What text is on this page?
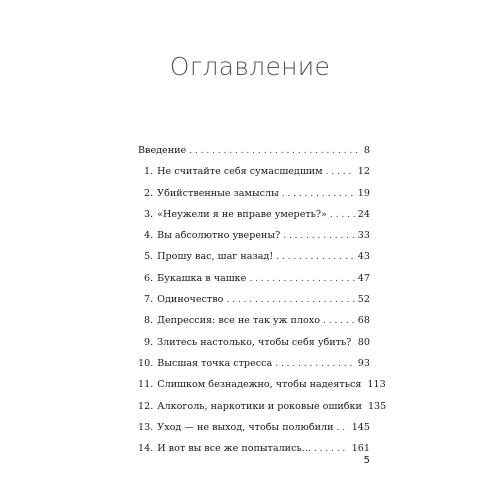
Оглавление
Введение . . .	8
1. Не считайте себя сумасшедшим . . .	12
2. Убийственные замыслы . . .	19
3. «Неужели я не вправе умереть?» . . .	24
4. Вы абсолютно уверены? . . .	33
5. Прошу вас, шаг назад! . . .	43
6. Букашка в чашке . . .	47
7. Одиночество . . .	52
8. Депрессия: все не так уж плохо . . .	68
9. Злитесь настолько, чтобы себя убить? . . . 80
10. Высшая точка стресса . . .	93
11. Слишком безнадежно, чтобы надеяться 113
12. Алкоголь, наркотики и роковые ошибки 135
13. Уход — не выход, чтобы полюбили . . . 145
14. И вот вы все же попытались... . . .	161
5
